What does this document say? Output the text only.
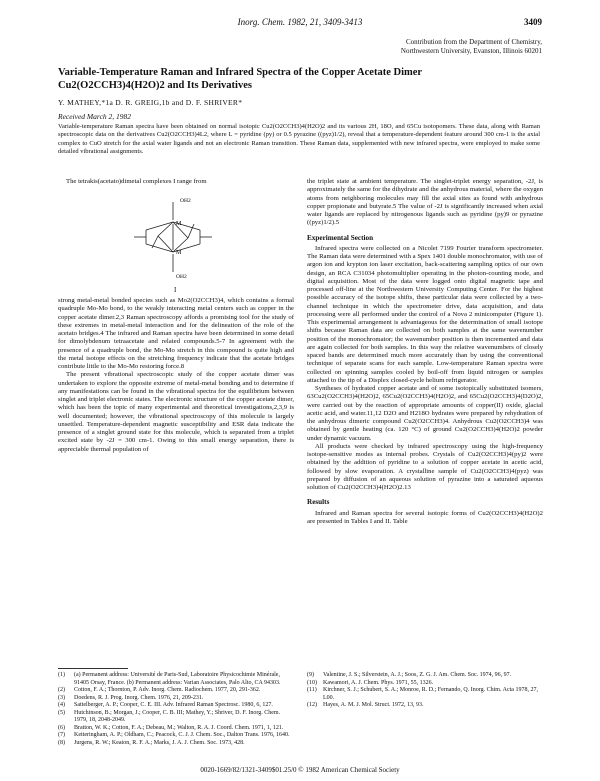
Inorg. Chem. 1982, 21, 3409-3413	3409
Contribution from the Department of Chemistry,
Northwestern University, Evanston, Illinois 60201
Variable-Temperature Raman and Infrared Spectra of the Copper Acetate Dimer
Cu2(O2CCH3)4(H2O)2 and Its Derivatives
Y. MATHEY,*1a D. R. GREIG,1b and D. F. SHRIVER*
Received March 2, 1982
Variable-temperature Raman spectra have been obtained on normal isotopic Cu2(O2CCH3)4(H2O)2 and its various 2H, 18O, and 65Cu isotopomers. These data, along with Raman spectroscopic data on the derivatives Cu2(O2CCH3)4L2, where L = pyridine (py) or 0.5 pyrazine ((pyz)1/2), reveal that a temperature-dependent feature around 300 cm-1 is the axial complex to CuO stretch for the axial water ligands and not an electronic Raman transition. These Raman data, supplemented with new infrared spectra, were employed to make some detailed vibrational assignments.

The tetrakis(acetato)dimetal complexes I range from

OH2
M
M
OH2
I

strong metal-metal bonded species such as Mo2(O2CCH3)4, which contains a formal quadruple Mo-Mo bond, to the weakly interacting metal centers such as copper in the copper acetate dimer.2,3 Raman spectroscopy affords a promising tool for the study of these extremes in metal-metal interaction and for the delineation of the role of the acetato bridges.4 The infrared and Raman spectra have been determined in some detail for dimolybdenum tetraacetate and related compounds.5-7 In agreement with the presence of a quadruple bond, the Mo-Mo stretch in this compound is quite high and the metal isotope effects on the stretching frequency indicate that the acetate bridges contribute little to the Mo-Mo restoring force.8

The present vibrational spectroscopic study of the copper acetate dimer was undertaken to explore the opposite extreme of metal-metal bonding and to determine if any manifestations can be found in the vibrational spectra for the equilibrium between singlet and triplet electronic states. The electronic structure of the copper acetate dimer, which has been the topic of many experimental and theoretical investigations,2,3,9 is well documented; however, the vibrational spectroscopy of this molecule is largely unsettled. Temperature-dependent magnetic susceptibility and ESR data indicate the presence of a singlet ground state for this molecule, which is separated from a triplet excited state by -2J = 300 cm-1. Owing to this small energy separation, there is appreciable thermal population of

the triplet state at ambient temperature. The singlet-triplet energy separation, -2J, is approximately the same for the dihydrate and the anhydrous material, where the oxygen atoms from neighboring molecules may fill the axial sites as found with anhydrous copper propionate and butyrate.5 The value of -2J is significantly increased when axial water ligands are replaced by nitrogenous ligands such as pyridine (py)9 or pyrazine ((pyz)1/2).5

Experimental Section

Infrared spectra were collected on a Nicolet 7199 Fourier transform spectrometer. The Raman data were determined with a Spex 1401 double monochromator, with use of argon ion and krypton ion laser excitation, back-scattering sampling optics of our own design, an RCA C31034 photomultiplier operating in the photon-counting mode, and digital acquisition. Most of the data were logged onto digital magnetic tape and processed off-line at the Northwestern University Computing Center. For the highest possible accuracy of the isotope shifts, these particular data were collected by a two-channel technique in which the spectrometer drive, data acquisition, and data processing were all performed under the control of a Nova 2 minicomputer (Figure 1). This experimental arrangement is advantageous for the determination of small isotope shifts because Raman data are collected on both samples at the same wavenumber position of the monochromator; the wavenumber position is then incremented and data are again collected for both samples. In this way the relative wavenumbers of closely spaced bands are determined much more accurately than by using the conventional technique of separate scans for each sample. Low-temperature Raman spectra were collected on spinning samples cooled by boil-off from liquid nitrogen or samples attached to the tip of a Displex closed-cycle helium refrigerator.

Syntheses of hydrated copper acetate and of some isotopically substituted isomers, 63Cu2(O2CCH3)4(H2O)2, 65Cu2(O2CCH3)4(H2O)2, and 65Cu2(O2CCH3)4(D2O)2, were carried out by the reaction of appropriate amounts of copper(II) oxide, glacial acetic acid, and water.11,12 D2O and H218O hydrates were prepared by rehydration of the anhydrous dimeric compound Cu2(O2CCH3)4. Anhydrous Cu2(O2CCH3)4 was obtained by gentle heating (ca. 120 °C) of ground Cu2(O2CCH3)4(H2O)2 powder under dynamic vacuum.

All products were checked by infrared spectroscopy using the high-frequency isotope-sensitive modes as internal probes. Crystals of Cu2(O2CCH3)4(py)2 were obtained by the addition of pyridine to a solution of copper acetate in acetic acid, followed by slow evaporation. A crystalline sample of Cu2(O2CCH3)4(pyz) was prepared by diffusion of an aqueous solution of pyrazine into a saturated aqueous solution of Cu2(O2CCH3)4(H2O)2.13

Results

Infrared and Raman spectra for several isotopic forms of Cu2(O2CCH3)4(H2O)2 are presented in Tables I and II. Table

(1)	(a) Permanent address: Université de Paris-Sud, Laboratoire Physicochimie Minérale, 91405 Orsay, France. (b) Permanent address: Varian Associates, Palo Alto, CA 94303.
(2)	Cotton, F. A.; Thornton, P. Adv. Inorg. Chem. Radiochem. 1977, 20, 291-362.
(3)	Doedens, R. J. Prog. Inorg. Chem. 1976, 21, 209-231.
(4)	Sattelberger, A. P.; Cooper, C. E. III. Adv. Infrared Raman Spectrosc. 1980, 6, 127.
(5)	Hutchinson, B.; Morgan, J.; Cooper, C. B. III; Mathey, Y.; Shriver, D. F. Inorg. Chem. 1979, 18, 2048-2049.
(6)	Bratton, W. K.; Cotton, F. A.; Debeau, M.; Walton, R. A. J. Coord. Chem. 1971, 1, 121.
(7)	Ketteringham, A. P.; Oldham, C.; Peacock, C. J. J. Chem. Soc., Dalton Trans. 1976, 1640.
(8)	Jurgens, R. W.; Keaton, R. F. A.; Marks, J. A. J. Chem. Soc. 1973, 428.
(9)	Valentine, J. S.; Silverstein, A. J.; Soos, Z. G. J. Am. Chem. Soc. 1974, 96, 97.
(10)	Kawamori, A. J. Chem. Phys. 1971, 55, 1326.
(11)	Kirchner, S. J.; Schubert, S. A.; Monroe, R. D.; Fernando, Q. Inorg. Chim. Acta 1978, 27, L00.
(12)	Hayes, A. M. J. Mol. Struct. 1972, 13, 93.
0020-1669/82/1321-3409$01.25/0 © 1982 American Chemical Society
